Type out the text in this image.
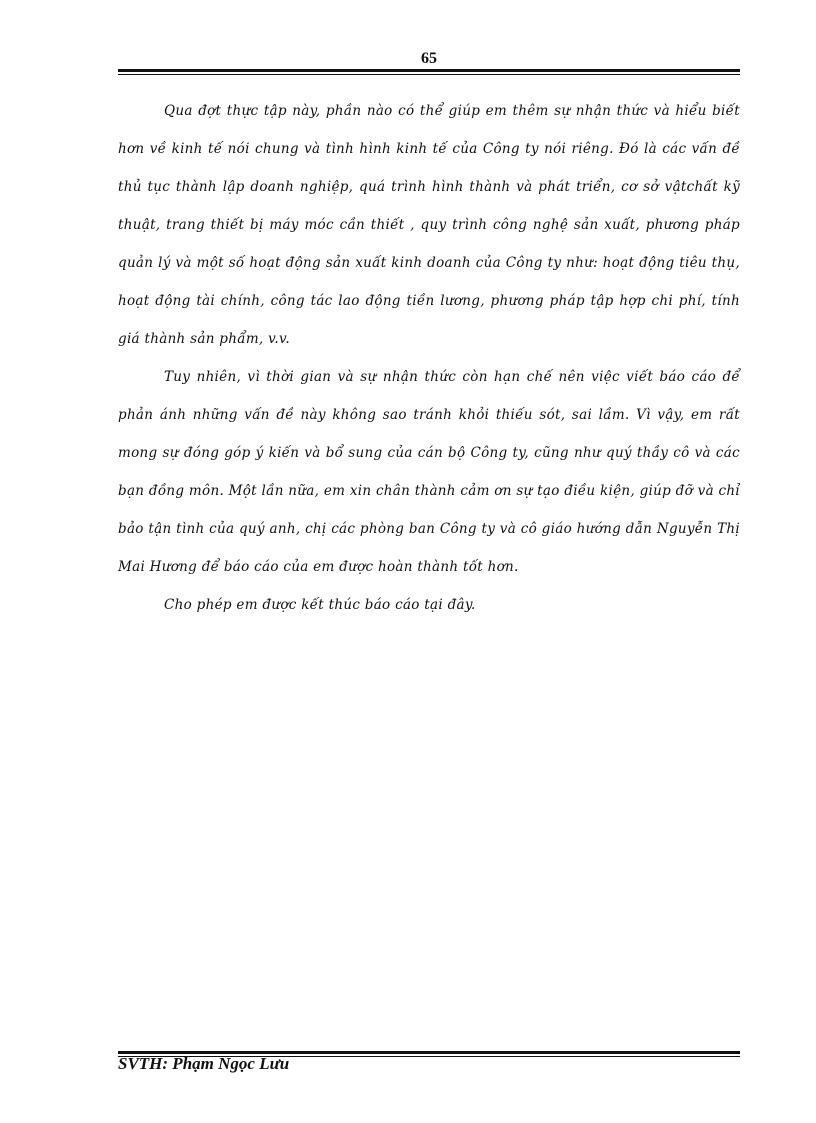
65

Qua đợt thực tập này, phần nào có thể giúp em thêm sự nhận thức và hiểu biết hơn về kinh tế nói chung và tình hình kinh tế của Công ty nói riêng. Đó là các vấn đề thủ tục thành lập doanh nghiệp, quá trình hình thành và phát triển, cơ sở vậtchất kỹ thuật, trang thiết bị máy móc cần thiết , quy trình công nghệ sản xuất, phương pháp quản lý và một số hoạt động sản xuất kinh doanh của Công ty như: hoạt động tiêu thụ, hoạt động tài chính, công tác lao động tiền lương, phương pháp tập hợp chi phí, tính giá thành sản phẩm, v.v.

Tuy nhiên, vì thời gian và sự nhận thức còn hạn chế nên việc viết báo cáo để phản ánh những vấn đề này không sao tránh khỏi thiếu sót, sai lầm. Vì vậy, em rất mong sự đóng góp ý kiến và bổ sung của cán bộ Công ty, cũng như quý thầy cô và các bạn đồng môn. Một lần nữa, em xin chân thành cảm ơn sự tạo điều kiện, giúp đỡ và chỉ bảo tận tình của quý anh, chị các phòng ban Công ty và cô giáo hướng dẫn Nguyễn Thị Mai Hương để báo cáo của em được hoàn thành tốt hơn.

Cho phép em được kết thúc báo cáo tại đây.

SVTH: Phạm Ngọc Lưu
